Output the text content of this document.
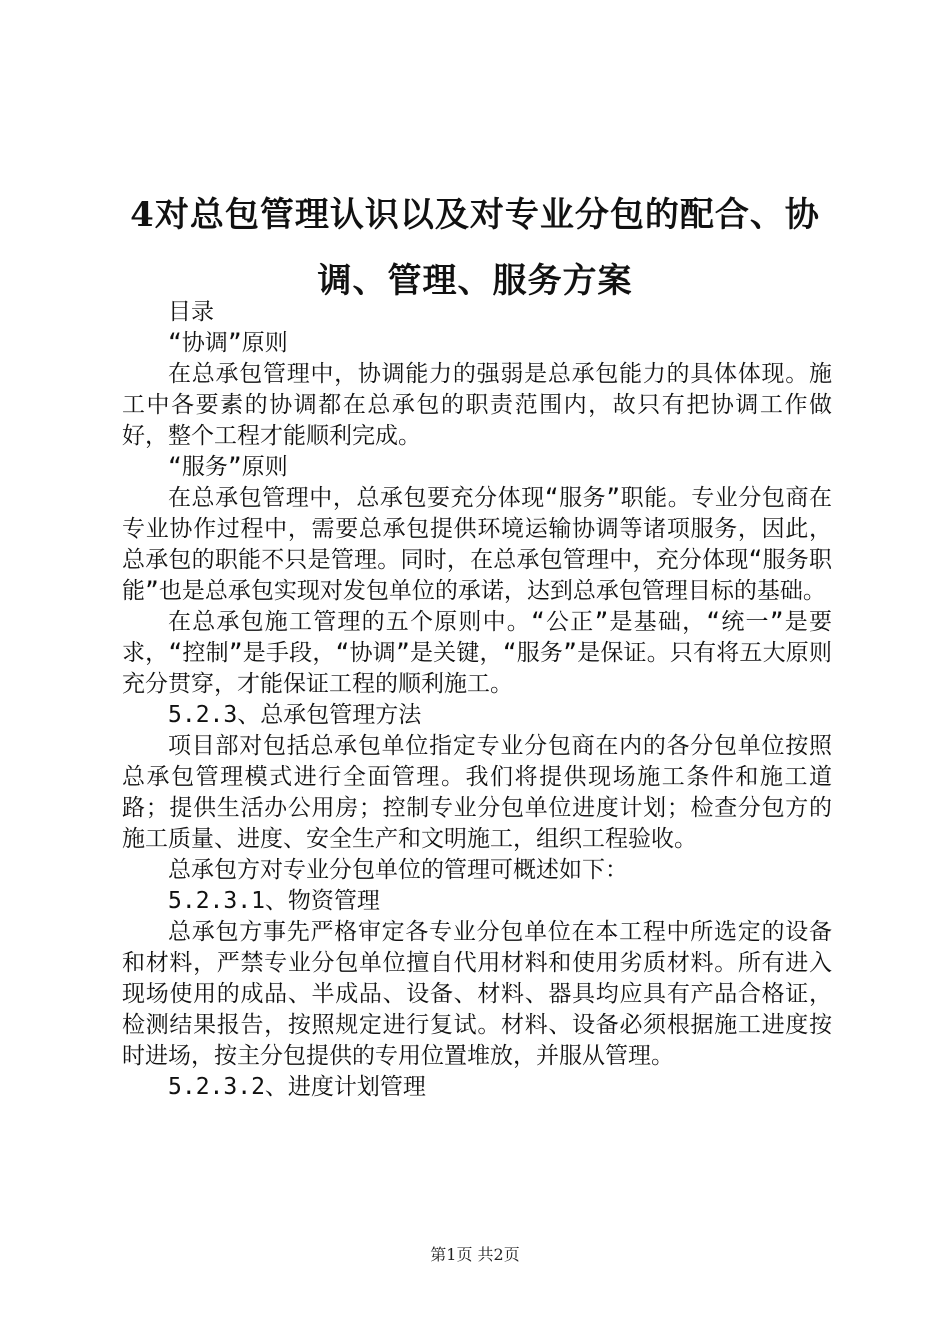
4对总包管理认识以及对专业分包的配合、协调、管理、服务方案

目录

“协调”原则

在总承包管理中，协调能力的强弱是总承包能力的具体体现。施工中各要素的协调都在总承包的职责范围内，故只有把协调工作做好，整个工程才能顺利完成。

“服务”原则

在总承包管理中，总承包要充分体现“服务”职能。专业分包商在专业协作过程中，需要总承包提供环境运输协调等诸项服务，因此，总承包的职能不只是管理。同时，在总承包管理中，充分体现“服务职能”也是总承包实现对发包单位的承诺，达到总承包管理目标的基础。

在总承包施工管理的五个原则中。“公正”是基础，“统一”是要求，“控制”是手段，“协调”是关键，“服务”是保证。只有将五大原则充分贯穿，才能保证工程的顺利施工。

5.2.3、总承包管理方法

项目部对包括总承包单位指定专业分包商在内的各分包单位按照总承包管理模式进行全面管理。我们将提供现场施工条件和施工道路；提供生活办公用房；控制专业分包单位进度计划；检查分包方的施工质量、进度、安全生产和文明施工，组织工程验收。

总承包方对专业分包单位的管理可概述如下：

5.2.3.1、物资管理

总承包方事先严格审定各专业分包单位在本工程中所选定的设备和材料，严禁专业分包单位擅自代用材料和使用劣质材料。所有进入现场使用的成品、半成品、设备、材料、器具均应具有产品合格证，检测结果报告，按照规定进行复试。材料、设备必须根据施工进度按时进场，按主分包提供的专用位置堆放，并服从管理。

5.2.3.2、进度计划管理

第1页 共2页
